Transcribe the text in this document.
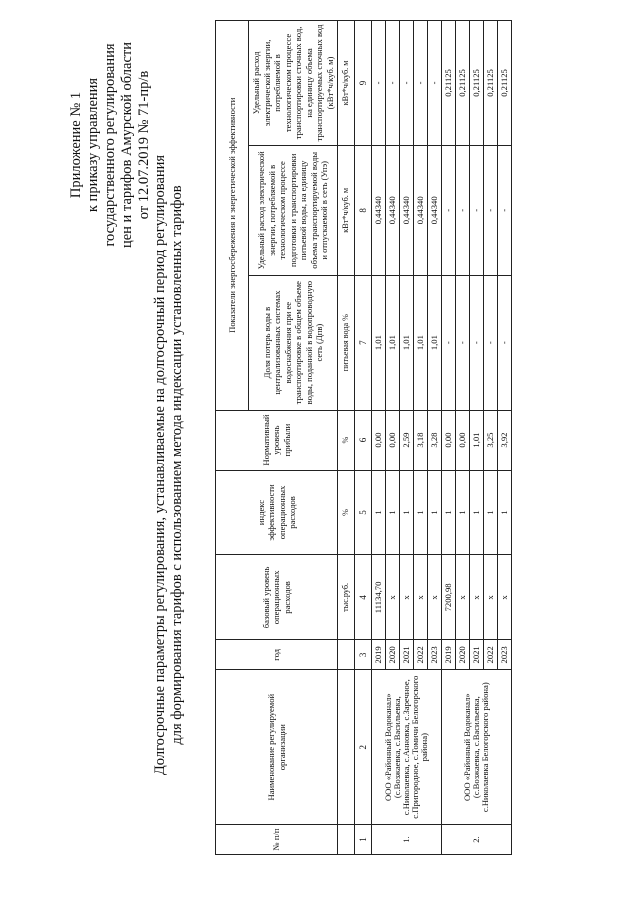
Приложение № 1 к приказу управления государственного регулирования цен и тарифов Амурской области от 12.07.2019 № 71-пр/в
Долгосрочные параметры регулирования, устанавливаемые на долгосрочный период регулирования для формирования тарифов с использованием метода индексации установленных тарифов
№ п/п	Наименование регулируемой организации	год	базовый уровень операционных расходов	индекс эффективности операционных расходов	Нормативный уровень прибыли	Показатели энергосбережения и энергетической эффективности		
						Доля потерь воды в централизованных системах водоснабжения при ее транспортировке в общем объеме воды, поданной в водопроводную сеть (Дпв)	Удельный расход электрической энергии, потребляемой в технологическом процессе подготовки и транспортировки питьевой воды, на единицу объема транспортируемой воды и отпускаемой в сеть (Упэ)	Удельный расход электрической энергии, потребляемой в технологическом процессе транспортировки сточных вод, на единицу объема транспортируемых сточных вод (кВт*ч/куб. м)
			тыс.руб.	%	%	питьевая вода %	кВт*ч/куб. м	кВт*ч/куб. м
1	2	3	4	5	6	7	8	9
1.	ООО «Районный Водоканал» (с.Возжаевка, с.Васильевка, с.Николаевка, с.Анновка, с.Заречное, с.Пригородное, с.Томичи Белогорского района)	2019	11134,70	1	0,00	1,01	0,44340	-
		2020	x	1	0,00	1,01	0,44340	-
		2021	x	1	2,59	1,01	0,44340	-
		2022	x	1	3,18	1,01	0,44340	-
		2023	x	1	3,28	1,01	0,44340	-
2.	ООО «Районный Водоканал» (с.Возжаевка, с.Васильевка, с.Николаевка Белогорского района)	2019	7200,98	1	0,00	-	-	0,21125
		2020	x	1	0,00	-	-	0,21125
		2021	x	1	1,01	-	-	0,21125
		2022	x	1	3,25	-	-	0,21125
		2023	x	1	3,92	-	-	0,21125
